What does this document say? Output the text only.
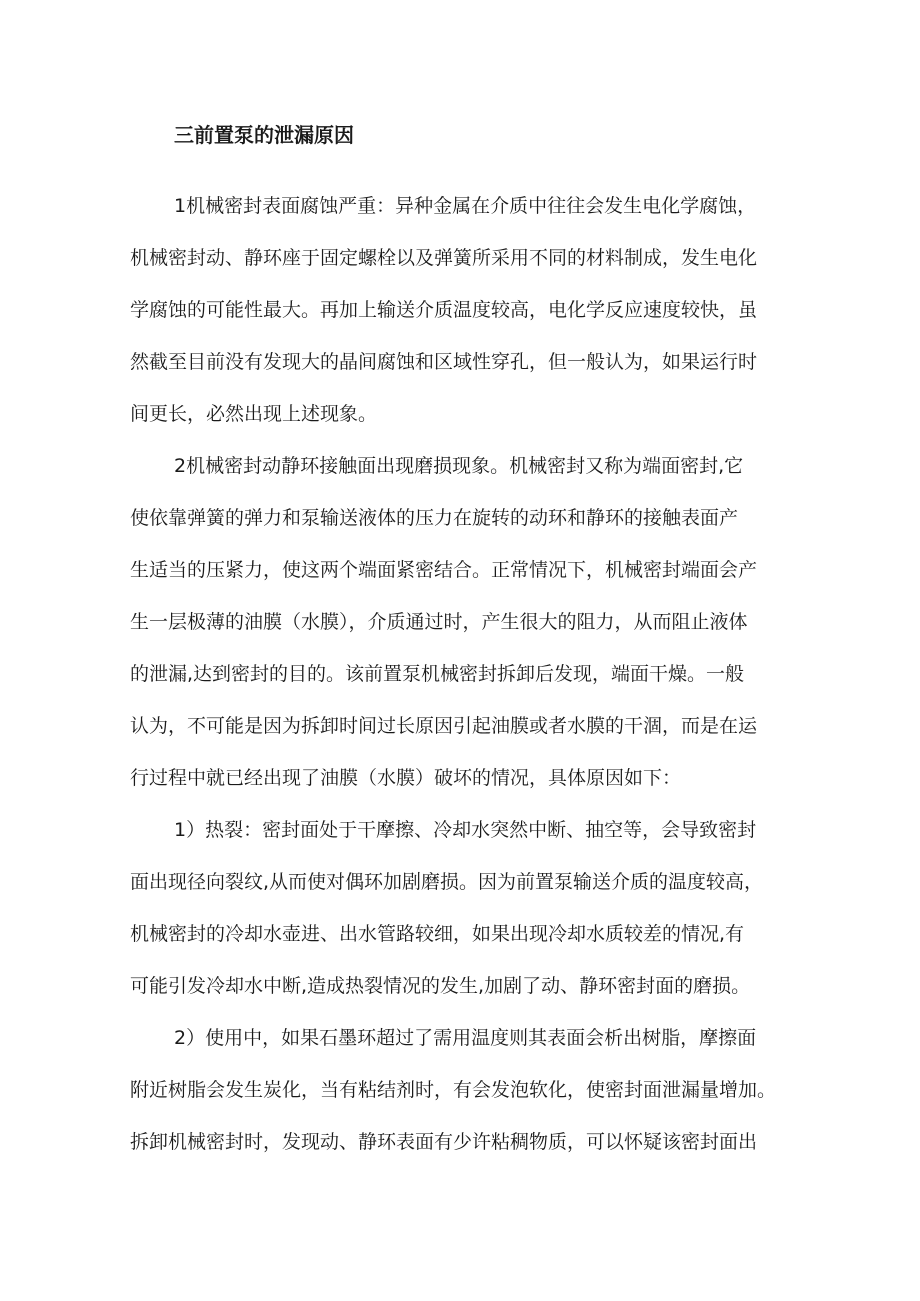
三前置泵的泄漏原因
1机械密封表面腐蚀严重：异种金属在介质中往往会发生电化学腐蚀，
机械密封动、静环座于固定螺栓以及弹簧所采用不同的材料制成，发生电化
学腐蚀的可能性最大。再加上输送介质温度较高，电化学反应速度较快，虽
然截至目前没有发现大的晶间腐蚀和区域性穿孔，但一般认为，如果运行时
间更长，必然出现上述现象。
2机械密封动静环接触面出现磨损现象。机械密封又称为端面密封,它
使依靠弹簧的弹力和泵输送液体的压力在旋转的动环和静环的接触表面产
生适当的压紧力，使这两个端面紧密结合。正常情况下，机械密封端面会产
生一层极薄的油膜（水膜），介质通过时，产生很大的阻力，从而阻止液体
的泄漏,达到密封的目的。该前置泵机械密封拆卸后发现，端面干燥。一般
认为，不可能是因为拆卸时间过长原因引起油膜或者水膜的干涸，而是在运
行过程中就已经出现了油膜（水膜）破坏的情况，具体原因如下：
1）热裂：密封面处于干摩擦、冷却水突然中断、抽空等，会导致密封
面出现径向裂纹,从而使对偶环加剧磨损。因为前置泵输送介质的温度较高，
机械密封的冷却水壶进、出水管路较细，如果出现冷却水质较差的情况,有
可能引发冷却水中断,造成热裂情况的发生,加剧了动、静环密封面的磨损。
2）使用中，如果石墨环超过了需用温度则其表面会析出树脂，摩擦面
附近树脂会发生炭化，当有粘结剂时，有会发泡软化，使密封面泄漏量增加。
拆卸机械密封时，发现动、静环表面有少许粘稠物质，可以怀疑该密封面出
